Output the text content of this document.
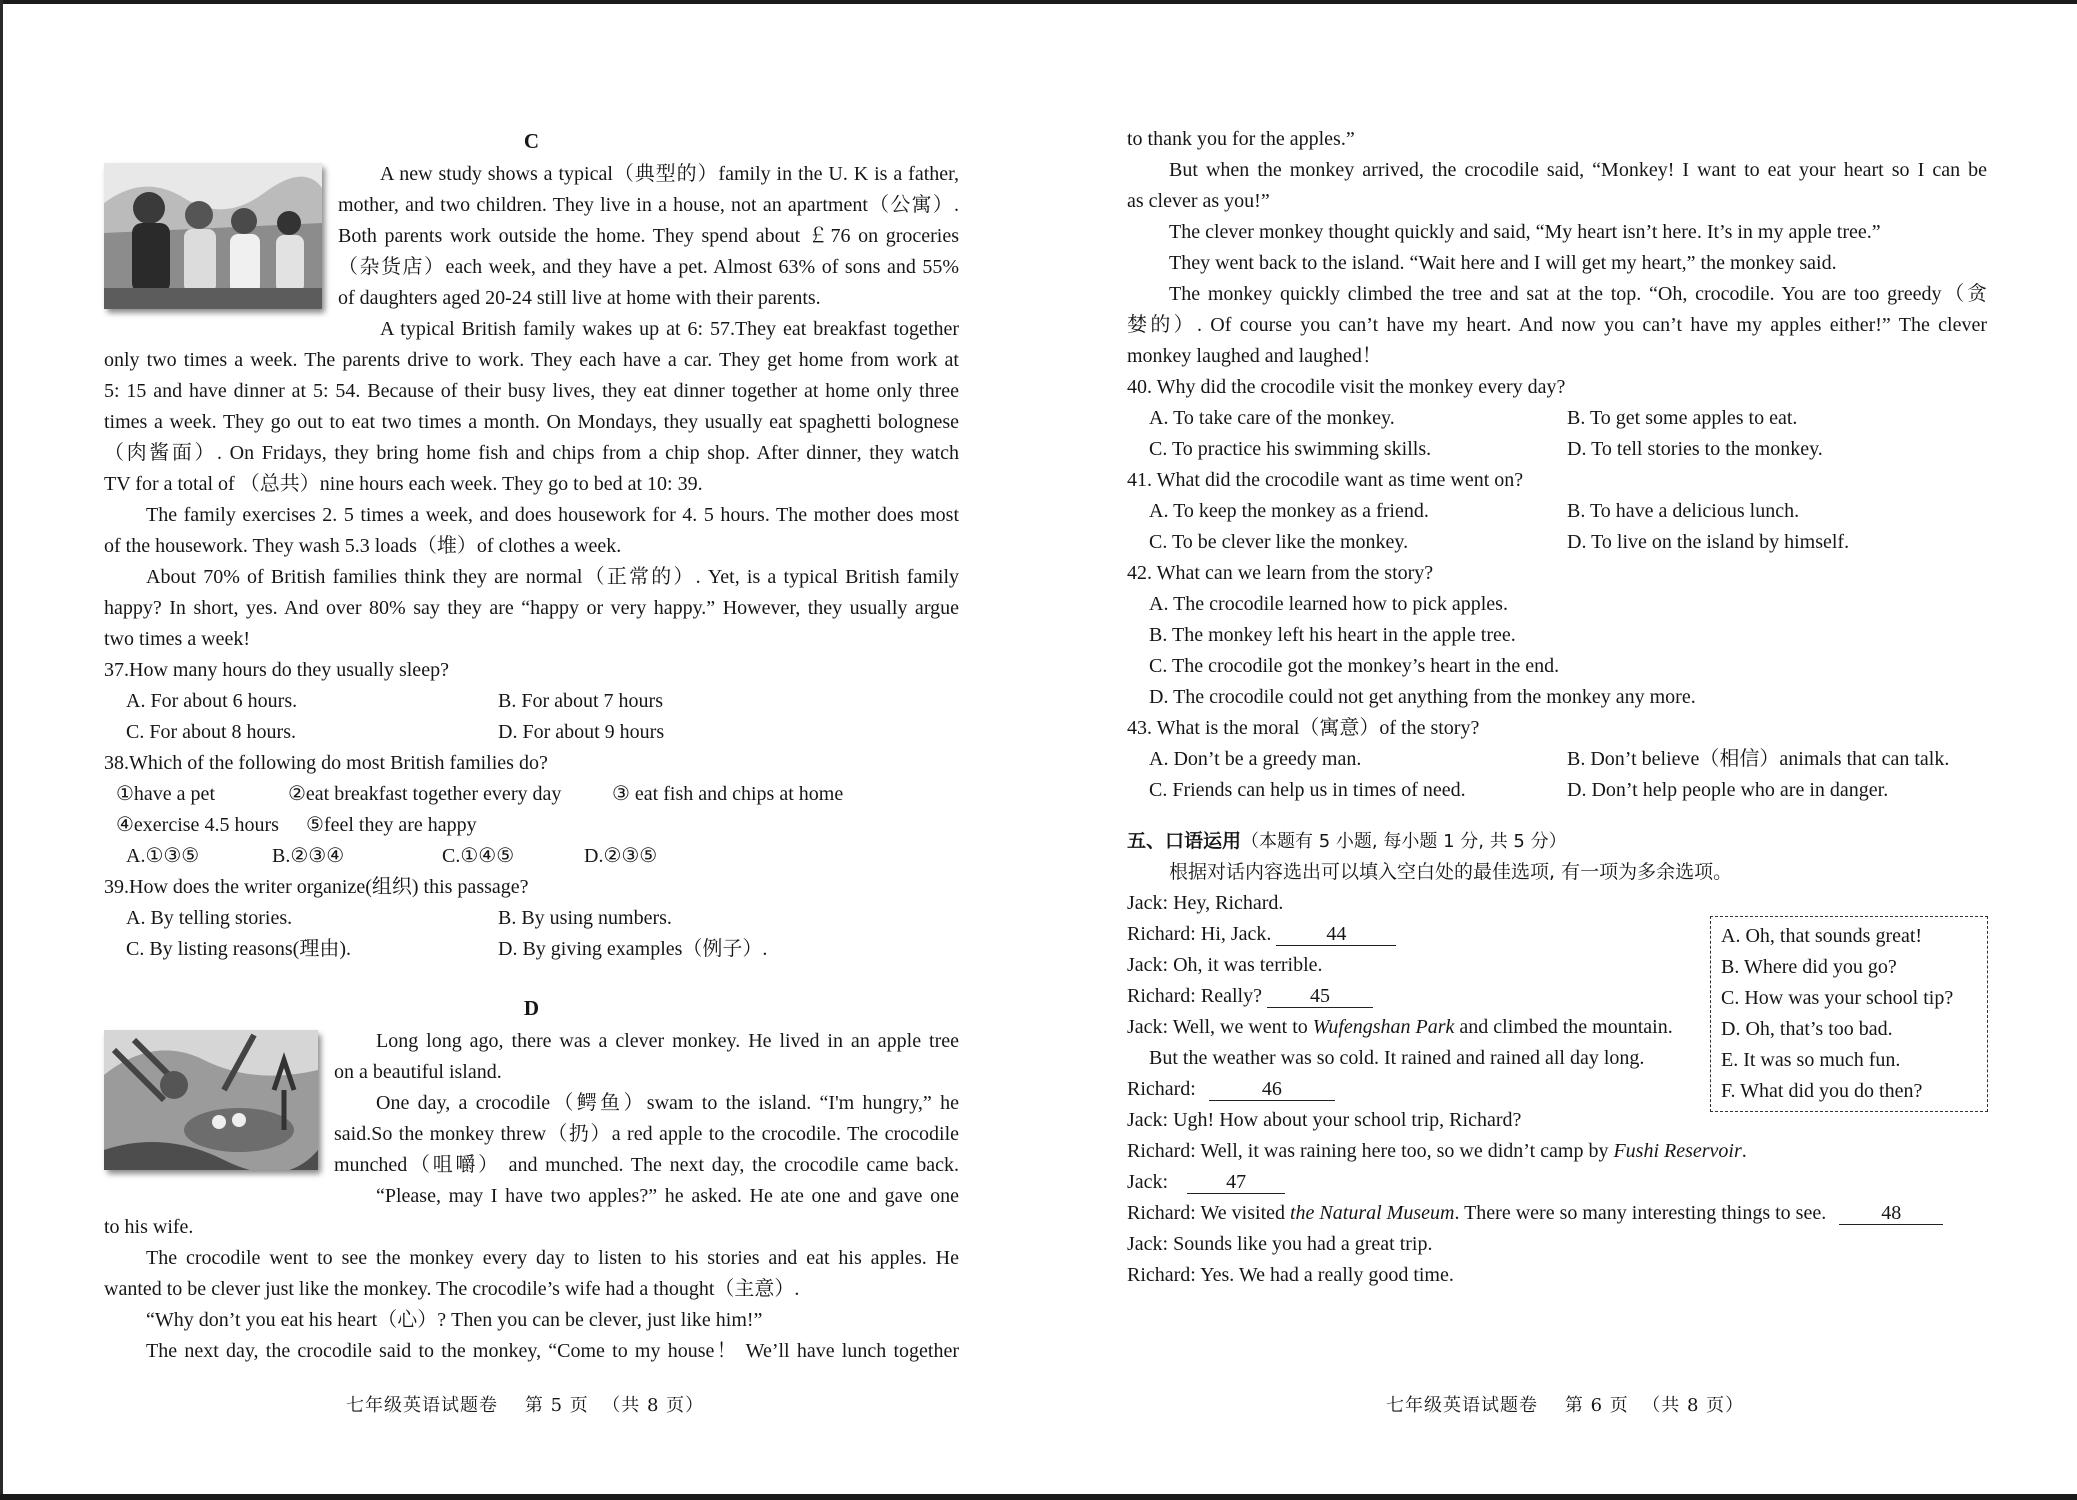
C
A new study shows a typical（典型的）family in the U. K is a father,
mother, and two children. They live in a house, not an apartment（公寓）.
Both parents work outside the home. They spend about ￡76 on groceries
（杂货店）each week, and they have a pet. Almost 63% of sons and 55%
of daughters aged 20-24 still live at home with their parents.
A typical British family wakes up at 6: 57.They eat breakfast together
only two times a week. The parents drive to work. They each have a car. They get home from work at
5: 15 and have dinner at 5: 54. Because of their busy lives, they eat dinner together at home only three
times a week. They go out to eat two times a month. On Mondays, they usually eat spaghetti bolognese
（肉酱面）. On Fridays, they bring home fish and chips from a chip shop. After dinner, they watch
TV for a total of （总共）nine hours each week. They go to bed at 10: 39.
The family exercises 2. 5 times a week, and does housework for 4. 5 hours. The mother does most
of the housework. They wash 5.3 loads（堆）of clothes a week.
About 70% of British families think they are normal（正常的）. Yet, is a typical British family
happy? In short, yes. And over 80% say they are “happy or very happy.” However, they usually argue
two times a week!
37.How many hours do they usually sleep?
A. For about 6 hours.	B. For about 7 hours
C. For about 8 hours.	D. For about 9 hours
38.Which of the following do most British families do?
①have a pet	②eat breakfast together every day	③ eat fish and chips at home
④exercise 4.5 hours	⑤feel they are happy
A.①③⑤	B.②③④	C.①④⑤	D.②③⑤
39.How does the writer organize(组织) this passage?
A. By telling stories.	B. By using numbers.
C. By listing reasons(理由).	D. By giving examples（例子）.
D
Long long ago, there was a clever monkey. He lived in an apple tree
on a beautiful island.
One day, a crocodile（鳄鱼）swam to the island. “I'm hungry,” he
said.So the monkey threw（扔）a red apple to the crocodile. The crocodile
munched（咀嚼） and munched. The next day, the crocodile came back.
“Please, may I have two apples?” he asked. He ate one and gave one
to his wife.
The crocodile went to see the monkey every day to listen to his stories and eat his apples. He
wanted to be clever just like the monkey. The crocodile’s wife had a thought（主意）.
“Why don’t you eat his heart（心）? Then you can be clever, just like him!”
The next day, the crocodile said to the monkey, “Come to my house！ We’ll have lunch together
七年级英语试题卷    第 5 页  （共 8 页）
to thank you for the apples.”
But when the monkey arrived, the crocodile said, “Monkey! I want to eat your heart so I can be
as clever as you!”
The clever monkey thought quickly and said, “My heart isn’t here. It’s in my apple tree.”
They went back to the island. “Wait here and I will get my heart,” the monkey said.
The monkey quickly climbed the tree and sat at the top. “Oh, crocodile. You are too greedy（贪
婪的）. Of course you can’t have my heart. And now you can’t have my apples either!” The clever
monkey laughed and laughed！
40. Why did the crocodile visit the monkey every day?
A. To take care of the monkey.	B. To get some apples to eat.
C. To practice his swimming skills.	D. To tell stories to the monkey.
41. What did the crocodile want as time went on?
A. To keep the monkey as a friend.	B. To have a delicious lunch.
C. To be clever like the monkey.	D. To live on the island by himself.
42. What can we learn from the story?
A. The crocodile learned how to pick apples.
B. The monkey left his heart in the apple tree.
C. The crocodile got the monkey’s heart in the end.
D. The crocodile could not get anything from the monkey any more.
43. What is the moral（寓意）of the story?
A. Don’t be a greedy man.	B. Don’t believe（相信）animals that can talk.
C. Friends can help us in times of need.	D. Don’t help people who are in danger.
五、口语运用（本题有 5 小题, 每小题 1 分, 共 5 分）
根据对话内容选出可以填入空白处的最佳选项, 有一项为多余选项。
Jack: Hey, Richard.
Richard: Hi, Jack.	44
Jack: Oh, it was terrible.
Richard: Really? 45
Jack: Well, we went to Wufengshan Park and climbed the mountain.
But the weather was so cold. It rained and rained all day long.
Richard:	46
Jack: Ugh! How about your school trip, Richard?
Richard: Well, it was raining here too, so we didn’t camp by Fushi Reservoir.
Jack:	47
Richard: We visited the Natural Museum. There were so many interesting things to see.	48
Jack: Sounds like you had a great trip.
Richard: Yes. We had a really good time.
A. Oh, that sounds great!
B. Where did you go?
C. How was your school tip?
D. Oh, that’s too bad.
E. It was so much fun.
F. What did you do then?
七年级英语试题卷    第 6 页  （共 8 页）
